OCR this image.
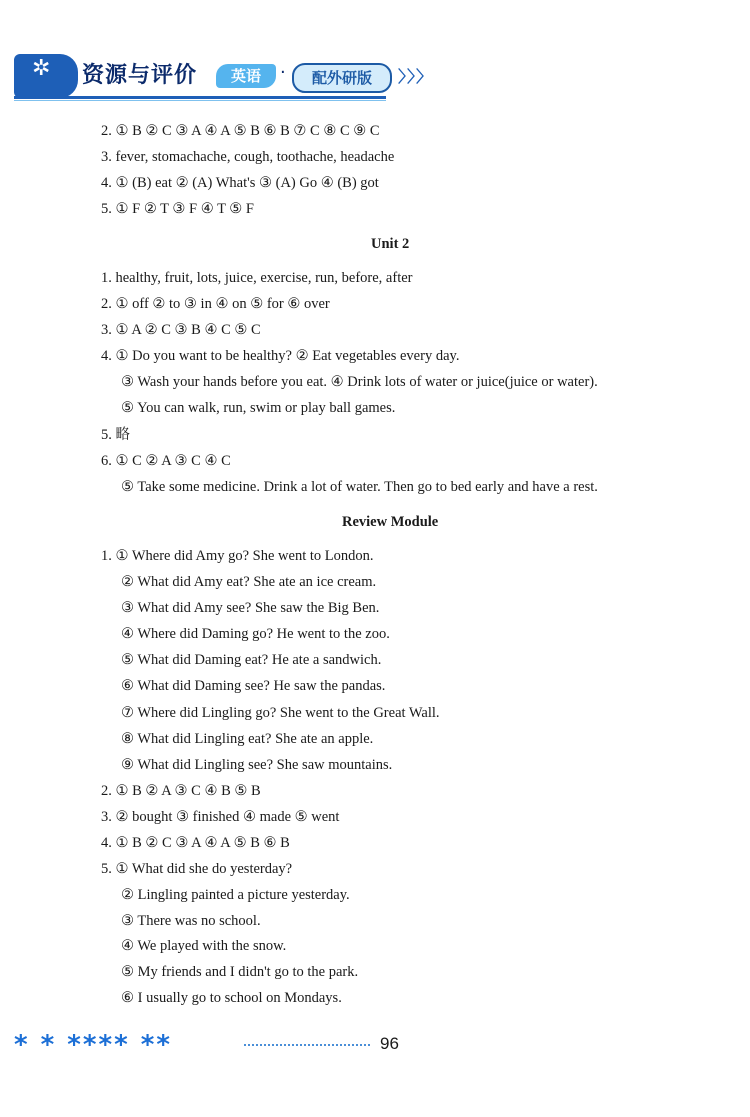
✲ 资源与评价	英语	·	配外研版	〉〉〉
2. ① B ② C ③ A ④ A ⑤ B ⑥ B ⑦ C ⑧ C ⑨ C
3. fever, stomachache, cough, toothache, headache
4. ① (B) eat ② (A) What's ③ (A) Go ④ (B) got
5. ① F ② T ③ F ④ T ⑤ F
Unit 2
1. healthy, fruit, lots, juice, exercise, run, before, after
2. ① off ② to ③ in ④ on ⑤ for ⑥ over
3. ① A ② C ③ B ④ C ⑤ C
4. ① Do you want to be healthy? ② Eat vegetables every day.
③ Wash your hands before you eat. ④ Drink lots of water or juice(juice or water).
⑤ You can walk, run, swim or play ball games.
5. 略
6. ① C ② A ③ C ④ C
⑤ Take some medicine. Drink a lot of water. Then go to bed early and have a rest.
Review Module
1. ① Where did Amy go? She went to London.
② What did Amy eat? She ate an ice cream.
③ What did Amy see? She saw the Big Ben.
④ Where did Daming go? He went to the zoo.
⑤ What did Daming eat? He ate a sandwich.
⑥ What did Daming see? He saw the pandas.
⑦ Where did Lingling go? She went to the Great Wall.
⑧ What did Lingling eat? She ate an apple.
⑨ What did Lingling see? She saw mountains.
2. ① B ② A ③ C ④ B ⑤ B
3. ② bought ③ finished ④ made ⑤ went
4. ① B ② C ③ A ④ A ⑤ B ⑥ B
5. ① What did she do yesterday?
② Lingling painted a picture yesterday.
③ There was no school.
④ We played with the snow.
⑤ My friends and I didn't go to the park.
⑥ I usually go to school on Mondays.
* * **** **	96
